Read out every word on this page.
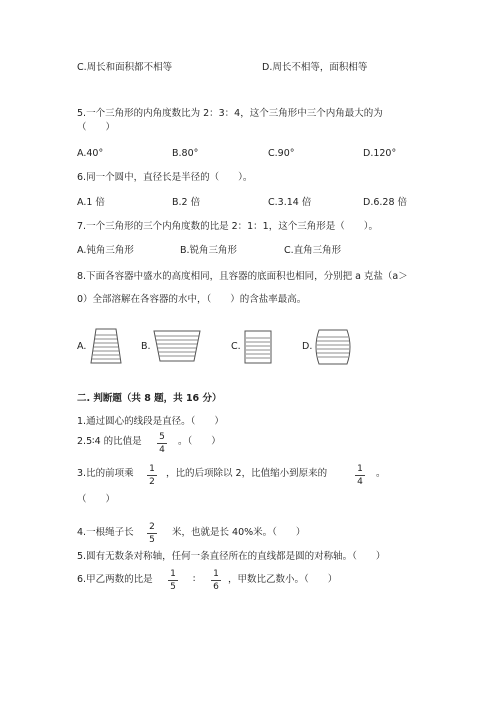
C.周长和面积都不相等	D.周长不相等，面积相等
5.一个三角形的内角度数比为 2：3：4，这个三角形中三个内角最大的为
（　　）
A.40°	B.80°	C.90°	D.120°
6.同一个圆中，直径长是半径的（　　）。
A.1 倍	B.2 倍	C.3.14 倍	D.6.28 倍
7.一个三角形的三个内角度数的比是 2：1：1，这个三角形是（　　）。
A.钝角三角形	B.锐角三角形	C.直角三角形
8.下面各容器中盛水的高度相同，且容器的底面积也相同，分别把 a 克盐（a＞
0）全部溶解在各容器的水中，（　　）的含盐率最高。
A.	B.	C.	D.
二. 判断题（共 8 题，共 16 分）
1.通过圆心的线段是直径。（　　）
2.5∶4 的比值是	5
4
。（　　）
3.比的前项乘	1
2
，比的后项除以 2，比值缩小到原来的	1
4
。
（　　）
4.一根绳子长	2
5
米，也就是长 40%米。（　　）
5.圆有无数条对称轴，任何一条直径所在的直线都是圆的对称轴。（　　）
6.甲乙两数的比是	1
5
∶	1
6
，甲数比乙数小。（　　）
